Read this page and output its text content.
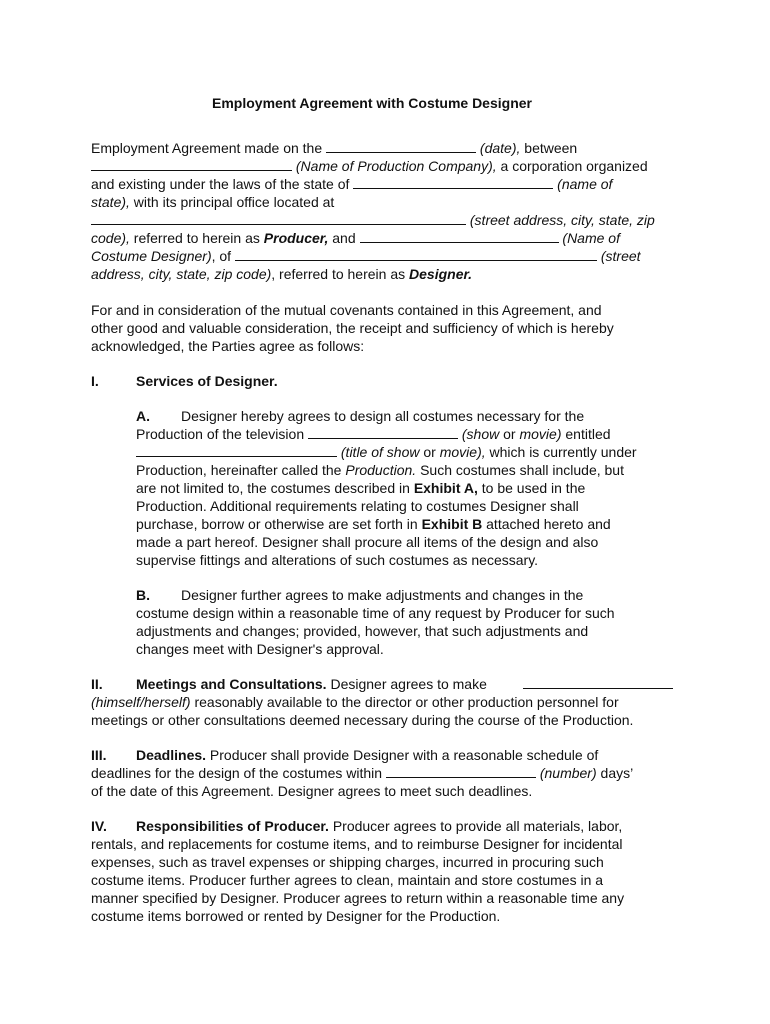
Employment Agreement with Costume Designer
Employment Agreement made on the	(date), between
(Name of Production Company), a corporation organized
and existing under the laws of the state of	(name of
state), with its principal office located at
(street address, city, state, zip
code), referred to herein as Producer, and	(Name of
Costume Designer), of	(street
address, city, state, zip code), referred to herein as Designer.
For and in consideration of the mutual covenants contained in this Agreement, and
other good and valuable consideration, the receipt and sufficiency of which is hereby
acknowledged, the Parties agree as follows:
I.	Services of Designer.
A. Designer hereby agrees to design all costumes necessary for the
Production of the television	(show or movie) entitled
(title of show or movie), which is currently under
Production, hereinafter called the Production. Such costumes shall include, but
are not limited to, the costumes described in Exhibit A, to be used in the
Production. Additional requirements relating to costumes Designer shall
purchase, borrow or otherwise are set forth in Exhibit B attached hereto and
made a part hereof. Designer shall procure all items of the design and also
supervise fittings and alterations of such costumes as necessary.
B. Designer further agrees to make adjustments and changes in the
costume design within a reasonable time of any request by Producer for such
adjustments and changes; provided, however, that such adjustments and
changes meet with Designer's approval.
II. Meetings and Consultations. Designer agrees to make
(himself/herself) reasonably available to the director or other production personnel for
meetings or other consultations deemed necessary during the course of the Production.
III. Deadlines. Producer shall provide Designer with a reasonable schedule of
deadlines for the design of the costumes within	(number) days’
of the date of this Agreement. Designer agrees to meet such deadlines.
IV. Responsibilities of Producer. Producer agrees to provide all materials, labor,
rentals, and replacements for costume items, and to reimburse Designer for incidental
expenses, such as travel expenses or shipping charges, incurred in procuring such
costume items. Producer further agrees to clean, maintain and store costumes in a
manner specified by Designer. Producer agrees to return within a reasonable time any
costume items borrowed or rented by Designer for the Production.
